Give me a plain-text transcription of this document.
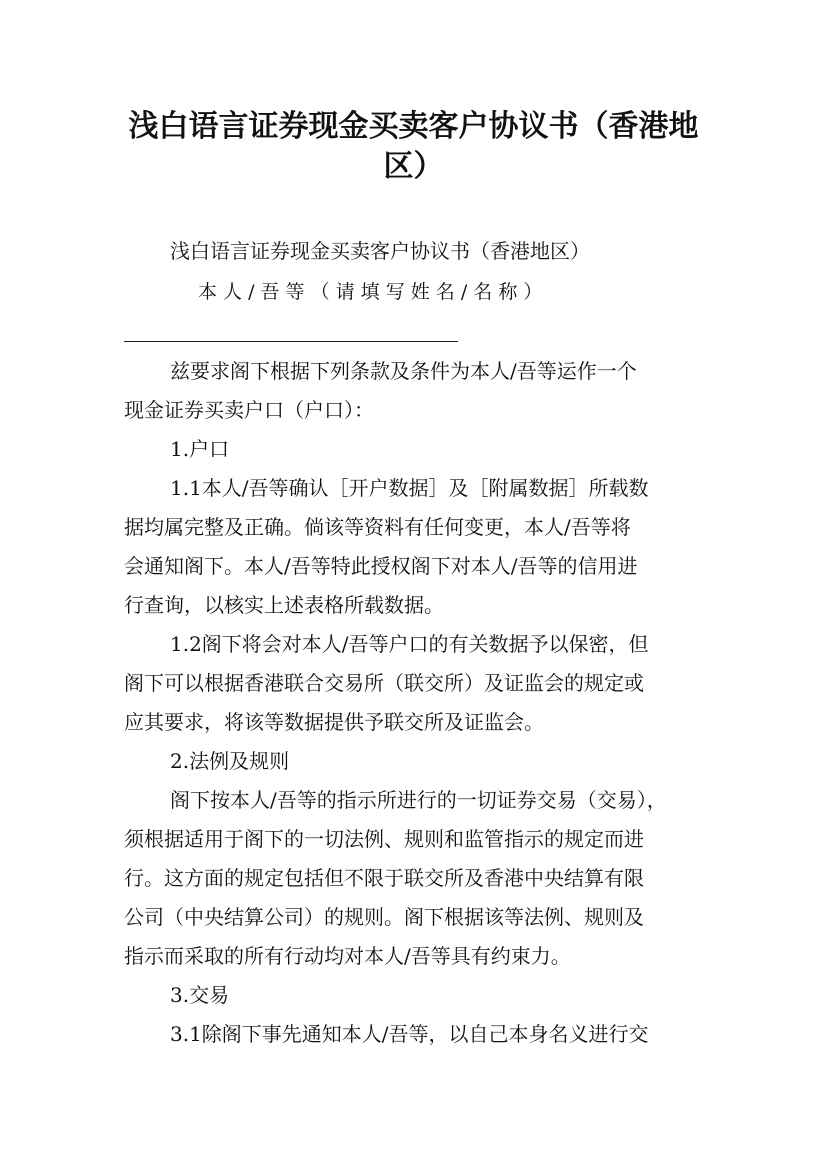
浅白语言证券现金买卖客户协议书（香港地
区）
浅白语言证券现金买卖客户协议书（香港地区）
本 人 / 吾 等 （ 请 填 写 姓 名 / 名 称 ）
兹要求阁下根据下列条款及条件为本人/吾等运作一个
现金证券买卖户口（户口）：
1.户口
1.1本人/吾等确认［开户数据］及［附属数据］所载数
据均属完整及正确。倘该等资料有任何变更，本人/吾等将
会通知阁下。本人/吾等特此授权阁下对本人/吾等的信用进
行查询，以核实上述表格所载数据。
1.2阁下将会对本人/吾等户口的有关数据予以保密，但
阁下可以根据香港联合交易所（联交所）及证监会的规定或
应其要求，将该等数据提供予联交所及证监会。
2.法例及规则
阁下按本人/吾等的指示所进行的一切证券交易（交易），
须根据适用于阁下的一切法例、规则和监管指示的规定而进
行。这方面的规定包括但不限于联交所及香港中央结算有限
公司（中央结算公司）的规则。阁下根据该等法例、规则及
指示而采取的所有行动均对本人/吾等具有约束力。
3.交易
3.1除阁下事先通知本人/吾等，以自己本身名义进行交
